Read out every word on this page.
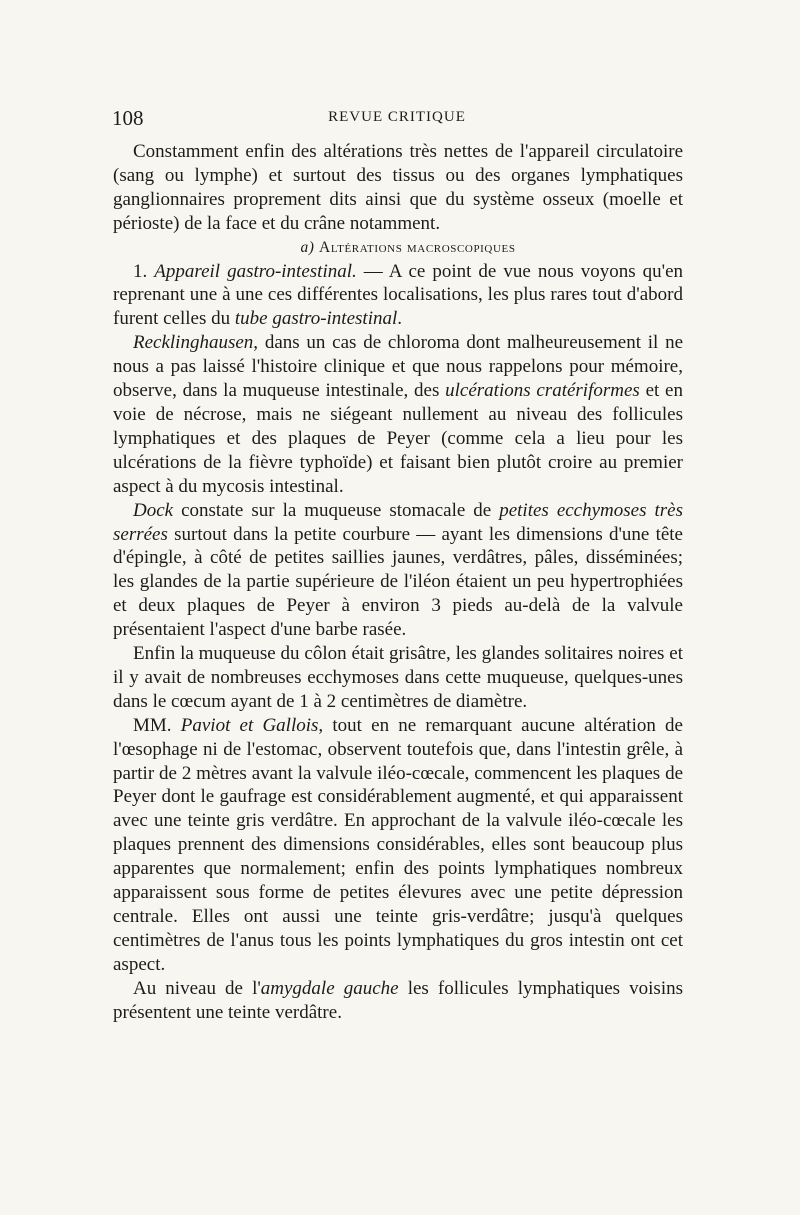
108	REVUE CRITIQUE

Constamment enfin des altérations très nettes de l'appareil circulatoire (sang ou lymphe) et surtout des tissus ou des organes lymphatiques ganglionnaires proprement dits ainsi que du système osseux (moelle et périoste) de la face et du crâne notamment.

a) Altérations macroscopiques

1. Appareil gastro-intestinal. — A ce point de vue nous voyons qu'en reprenant une à une ces différentes localisations, les plus rares tout d'abord furent celles du tube gastro-intestinal.

Recklinghausen, dans un cas de chloroma dont malheureusement il ne nous a pas laissé l'histoire clinique et que nous rappelons pour mémoire, observe, dans la muqueuse intestinale, des ulcérations cratériformes et en voie de nécrose, mais ne siégeant nullement au niveau des follicules lymphatiques et des plaques de Peyer (comme cela a lieu pour les ulcérations de la fièvre typhoïde) et faisant bien plutôt croire au premier aspect à du mycosis intestinal.

Dock constate sur la muqueuse stomacale de petites ecchymoses très serrées surtout dans la petite courbure — ayant les dimensions d'une tête d'épingle, à côté de petites saillies jaunes, verdâtres, pâles, disséminées; les glandes de la partie supérieure de l'iléon étaient un peu hypertrophiées et deux plaques de Peyer à environ 3 pieds au-delà de la valvule présentaient l'aspect d'une barbe rasée.

Enfin la muqueuse du côlon était grisâtre, les glandes solitaires noires et il y avait de nombreuses ecchymoses dans cette muqueuse, quelques-unes dans le cœcum ayant de 1 à 2 centimètres de diamètre.

MM. Paviot et Gallois, tout en ne remarquant aucune altération de l'œsophage ni de l'estomac, observent toutefois que, dans l'intestin grêle, à partir de 2 mètres avant la valvule iléo-cœcale, commencent les plaques de Peyer dont le gaufrage est considérablement augmenté, et qui apparaissent avec une teinte gris verdâtre. En approchant de la valvule iléo-cœcale les plaques prennent des dimensions considérables, elles sont beaucoup plus apparentes que normalement; enfin des points lymphatiques nombreux apparaissent sous forme de petites élevures avec une petite dépression centrale. Elles ont aussi une teinte gris-verdâtre; jusqu'à quelques centimètres de l'anus tous les points lymphatiques du gros intestin ont cet aspect.

Au niveau de l'amygdale gauche les follicules lymphatiques voisins présentent une teinte verdâtre.
